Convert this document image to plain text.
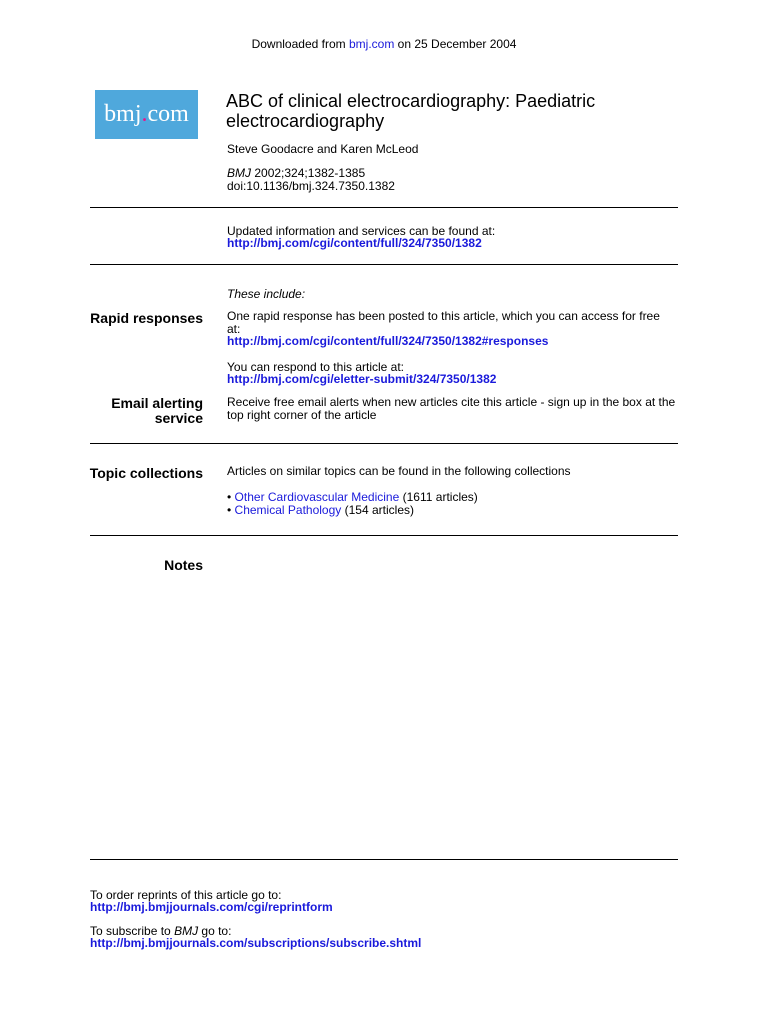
Downloaded from bmj.com on 25 December 2004
bmj . com ABC of clinical electrocardiography: Paediatric electrocardiography
Steve Goodacre and Karen McLeod
BMJ 2002;324;1382-1385
doi:10.1136/bmj.324.7350.1382
Updated information and services can be found at:
http://bmj.com/cgi/content/full/324/7350/1382
These include:
Rapid responses One rapid response has been posted to this article, which you can access for free at:
http://bmj.com/cgi/content/full/324/7350/1382#responses
You can respond to this article at:
http://bmj.com/cgi/eletter-submit/324/7350/1382
Email alerting
service
Receive free email alerts when new articles cite this article - sign up in the box at the top right corner of the article
Topic collections Articles on similar topics can be found in the following collections
• Other Cardiovascular Medicine (1611 articles)
• Chemical Pathology (154 articles)
Notes
To order reprints of this article go to:
http://bmj.bmjjournals.com/cgi/reprintform
To subscribe to BMJ go to:
http://bmj.bmjjournals.com/subscriptions/subscribe.shtml
